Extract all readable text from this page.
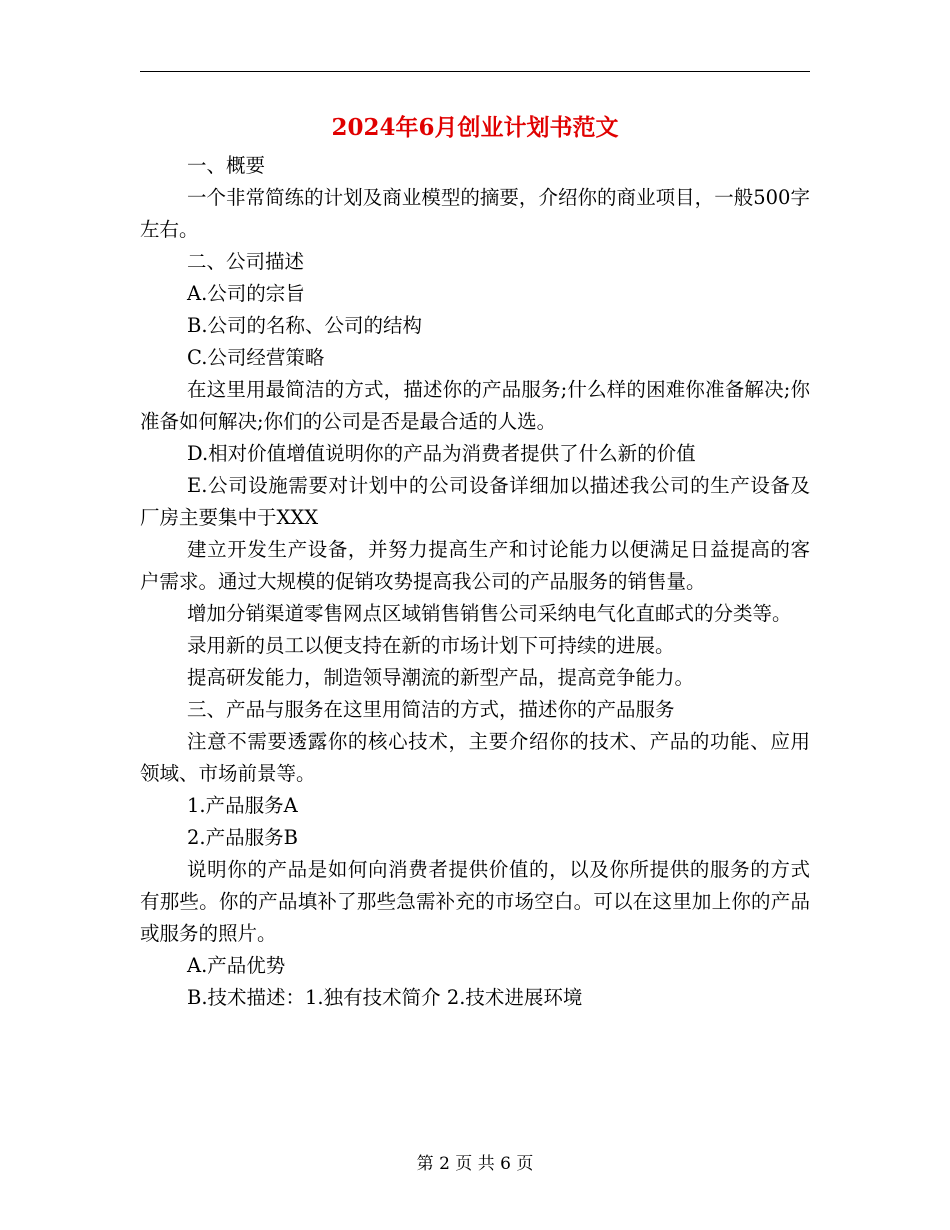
2024年6月创业计划书范文

一、概要

一个非常简练的计划及商业模型的摘要，介绍你的商业项目，一般500字左右。

二、公司描述

A.公司的宗旨

B.公司的名称、公司的结构

C.公司经营策略

在这里用最简洁的方式，描述你的产品服务;什么样的困难你准备解决;你准备如何解决;你们的公司是否是最合适的人选。

D.相对价值增值说明你的产品为消费者提供了什么新的价值

E.公司设施需要对计划中的公司设备详细加以描述我公司的生产设备及厂房主要集中于XXX

建立开发生产设备，并努力提高生产和讨论能力以便满足日益提高的客户需求。通过大规模的促销攻势提高我公司的产品服务的销售量。

增加分销渠道零售网点区域销售销售公司采纳电气化直邮式的分类等。

录用新的员工以便支持在新的市场计划下可持续的进展。

提高研发能力，制造领导潮流的新型产品，提高竞争能力。

三、产品与服务在这里用简洁的方式，描述你的产品服务

注意不需要透露你的核心技术，主要介绍你的技术、产品的功能、应用领域、市场前景等。

1.产品服务A

2.产品服务B

说明你的产品是如何向消费者提供价值的，以及你所提供的服务的方式有那些。你的产品填补了那些急需补充的市场空白。可以在这里加上你的产品或服务的照片。

A.产品优势

B.技术描述：1.独有技术简介 2.技术进展环境

第 2 页 共 6 页
